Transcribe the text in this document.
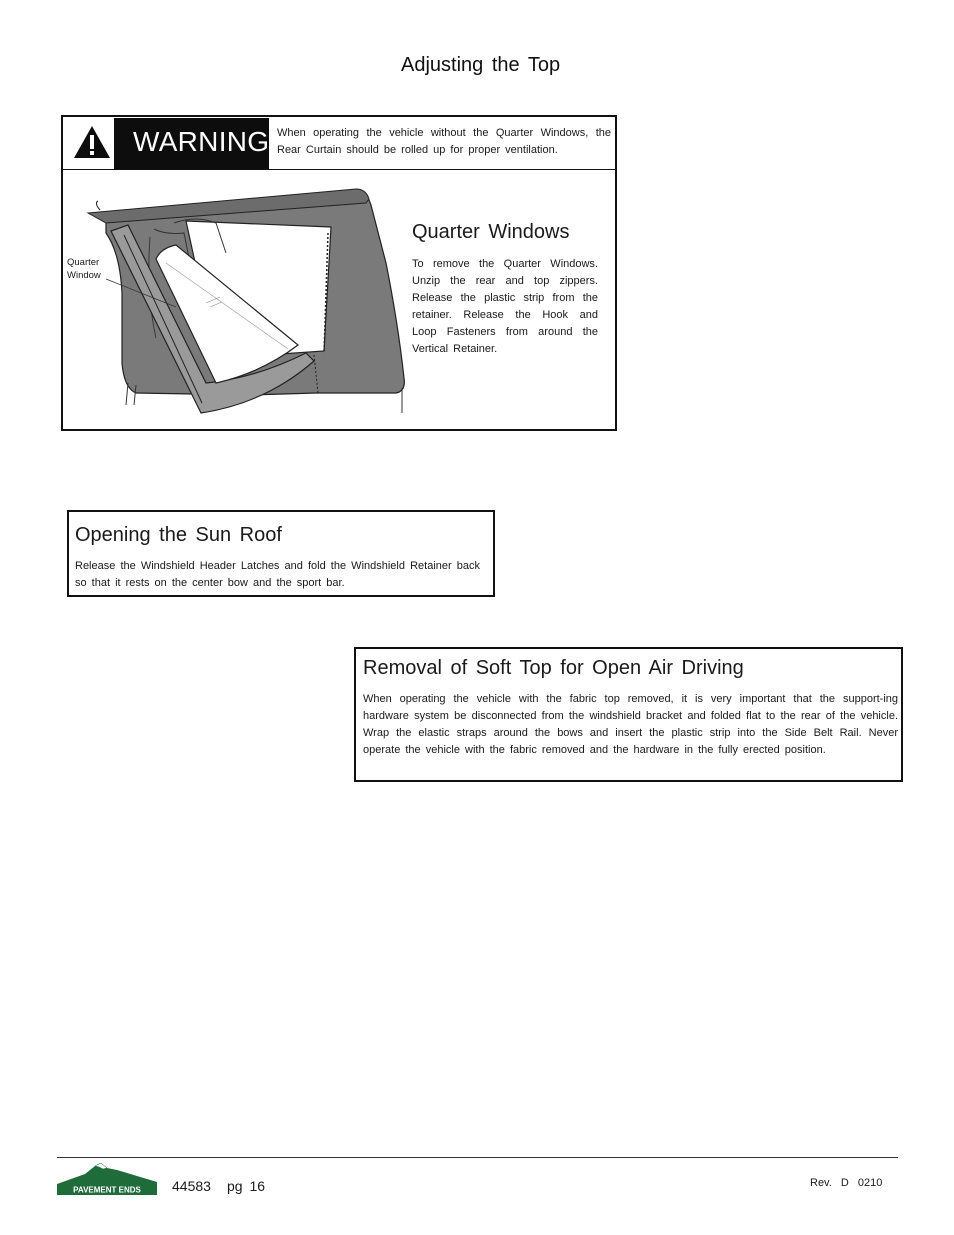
Adjusting the Top
WARNING When operating the vehicle without the Quarter Windows, the Rear Curtain should be rolled up for proper ventilation.
Quarter
Window
Quarter Windows
To remove the Quarter Windows. Unzip the rear and top zippers. Release the plastic strip from the retainer. Release the Hook and Loop Fasteners from around the Vertical Retainer.
Opening the Sun Roof
Release the Windshield Header Latches and fold the Windshield Retainer back so that it rests on the center bow and the sport bar.
Removal of Soft Top for Open Air Driving
When operating the vehicle with the fabric top removed, it is very important that the support-ing hardware system be disconnected from the windshield bracket and folded flat to the rear of the vehicle. Wrap the elastic straps around the bows and insert the plastic strip into the Side Belt Rail. Never operate the vehicle with the fabric removed and the hardware in the fully erected position.
PAVEMENT ENDS 44583 pg 16	Rev. D 0210
